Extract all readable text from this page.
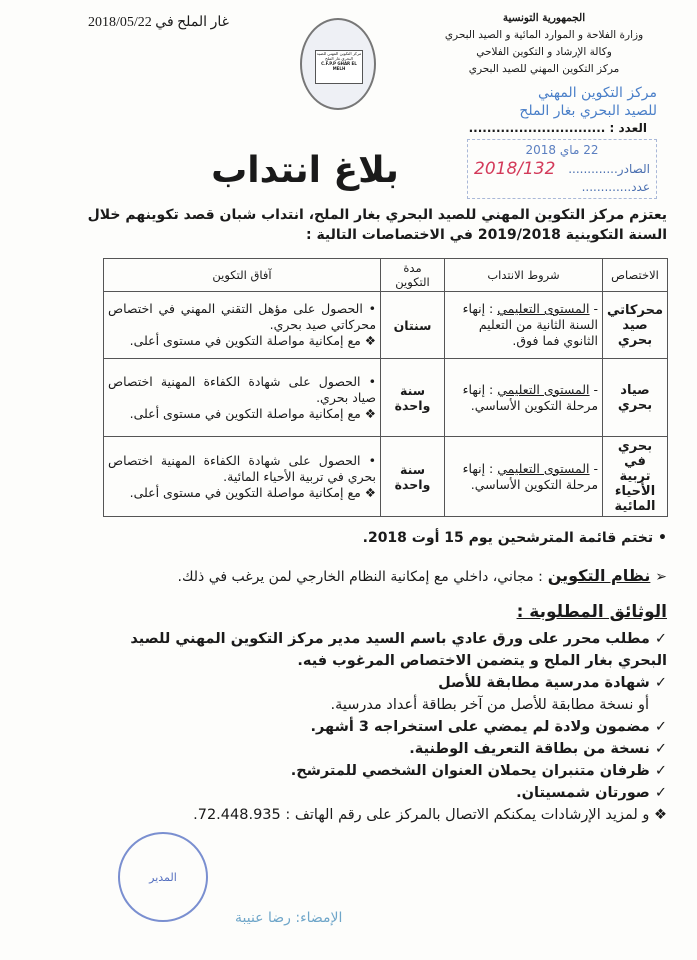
الجمهورية التونسية
وزارة الفلاحة و الموارد المائية و الصيد البحري
وكالة الإرشاد و التكوين الفلاحي
مركز التكوين المهني للصيد البحري
غار الملح في 2018/05/22
مركز التكوين المهني للصيد البحري غار الملح
C.F.P.P GHAR EL MELH
مركز التكوين المهني
للصيد البحري بغار الملح
العدد : ..............................
22 ماي 2018
الصادر.............
2018/132
عدد.............
بلاغ انتداب
يعتزم مركز التكوين المهني للصيد البحري بغار الملح، انتداب شبان قصد تكوينهم خلال السنة التكوينية 2019/2018 في الاختصاصات التالية :
الاختصاص	شروط الانتداب	مدة التكوين	آفاق التكوين
محركاتي صيد بحري	- المستوى التعليمي : إنهاء السنة الثانية من التعليم الثانوي فما فوق.	سنتان	• الحصول على مؤهل التقني المهني في اختصاص محركاتي صيد بحري.
❖ مع إمكانية مواصلة التكوين في مستوى أعلى.
صياد بحري	- المستوى التعليمي : إنهاء مرحلة التكوين الأساسي.	سنة واحدة	• الحصول على شهادة الكفاءة المهنية اختصاص صياد بحري.
❖ مع إمكانية مواصلة التكوين في مستوى أعلى.
بحري في تربية الأحياء المائية	- المستوى التعليمي : إنهاء مرحلة التكوين الأساسي.	سنة واحدة	• الحصول على شهادة الكفاءة المهنية اختصاص بحري في تربية الأحياء المائية.
❖ مع إمكانية مواصلة التكوين في مستوى أعلى.
• تختم قائمة المترشحين يوم 15 أوت 2018.
➢ نظام التكوين : مجاني، داخلي مع إمكانية النظام الخارجي لمن يرغب في ذلك.
الوثائق المطلوبة :
✓ مطلب محرر على ورق عادي باسم السيد مدير مركز التكوين المهني للصيد البحري بغار الملح و يتضمن الاختصاص المرغوب فيه.
✓ شهادة مدرسية مطابقة للأصل
أو نسخة مطابقة للأصل من آخر بطاقة أعداد مدرسية.
✓ مضمون ولادة لم يمضي على استخراجه 3 أشهر.
✓ نسخة من بطاقة التعريف الوطنية.
✓ ظرفان متنبران يحملان العنوان الشخصي للمترشح.
✓ صورتان شمسيتان.
❖ و لمزيد الإرشادات يمكنكم الاتصال بالمركز على رقم الهاتف : 72.448.935.
المدير
الإمضاء: رضا عنيبة
